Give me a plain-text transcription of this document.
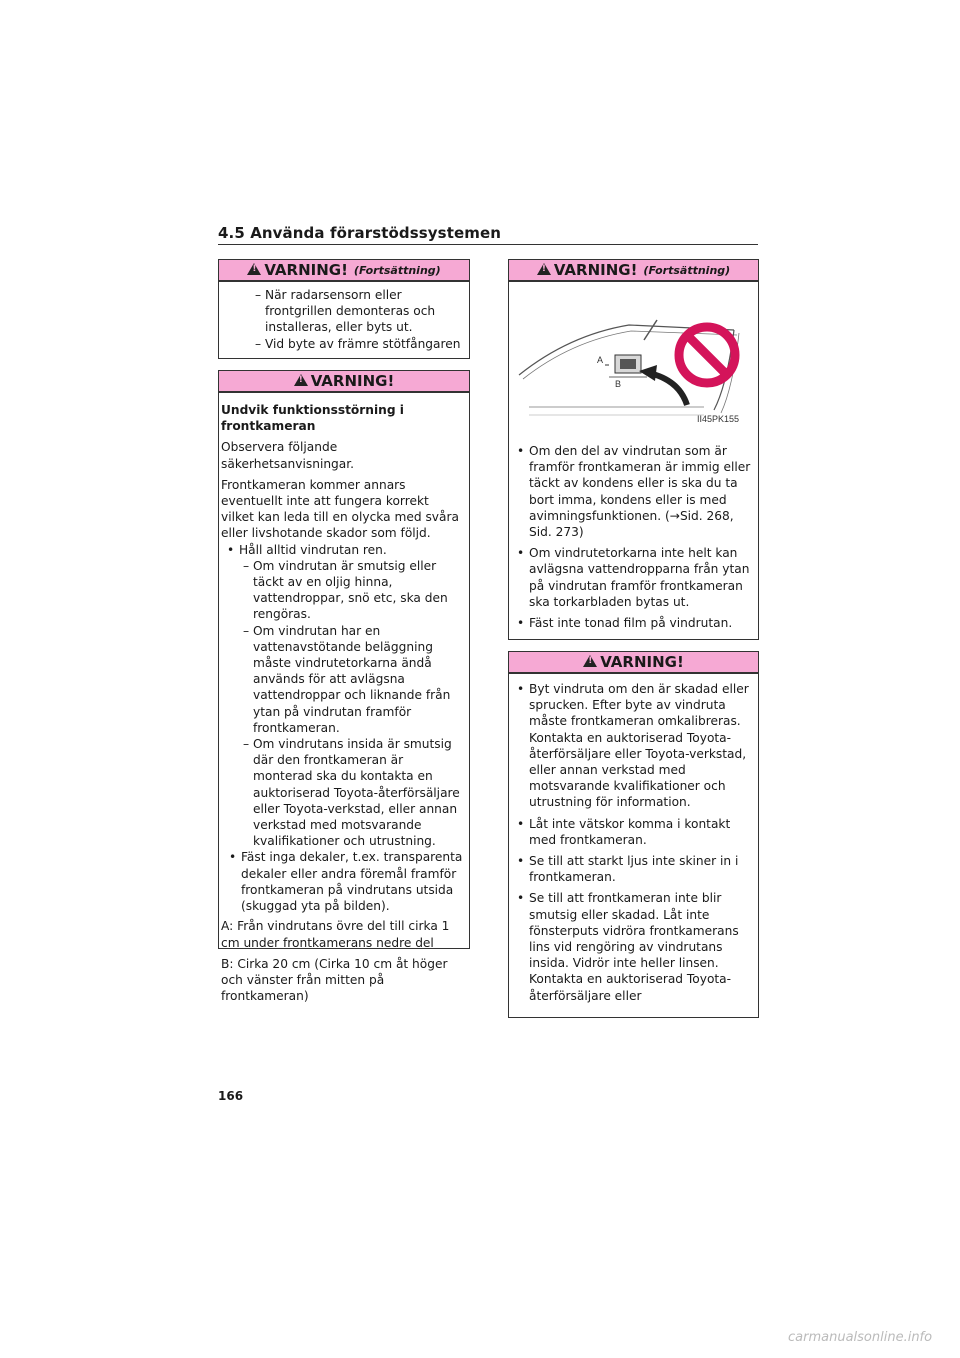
4.5 Använda förarstödssystemen
!
VARNING! (Fortsättning)

– När radarsensorn eller frontgrillen demonteras och installeras, eller byts ut.

– Vid byte av främre stötfångaren

!
VARNING!

Undvik funktionsstörning i frontkameran

Observera följande säkerhetsanvisningar.

Frontkameran kommer annars eventuellt inte att fungera korrekt vilket kan leda till en olycka med svåra eller livshotande skador som följd.

• Håll alltid vindrutan ren.

– Om vindrutan är smutsig eller täckt av en oljig hinna, vattendroppar, snö etc, ska den rengöras.

– Om vindrutan har en vattenavstötande beläggning måste vindrutetorkarna ändå används för att avlägsna vattendroppar och liknande från ytan på vindrutan framför frontkameran.

– Om vindrutans insida är smutsig där den frontkameran är monterad ska du kontakta en auktoriserad Toyota-återförsäljare eller Toyota-verkstad, eller annan verkstad med motsvarande kvalifikationer och utrustning.

• Fäst inga dekaler, t.ex. transparenta dekaler eller andra föremål framför frontkameran på vindrutans utsida (skuggad yta på bilden).

A: Från vindrutans övre del till cirka 1 cm under frontkamerans nedre del

B: Cirka 20 cm (Cirka 10 cm åt höger och vänster från mitten på frontkameran)

!
VARNING! (Fortsättning)
A
B
II45PK155

• Om den del av vindrutan som är framför frontkameran är immig eller täckt av kondens eller is ska du ta bort imma, kondens eller is med avimningsfunktionen. (→Sid. 268, Sid. 273)

• Om vindrutetorkarna inte helt kan avlägsna vattendropparna från ytan på vindrutan framför frontkameran ska torkarbladen bytas ut.

• Fäst inte tonad film på vindrutan.

!
VARNING!

• Byt vindruta om den är skadad eller sprucken. Efter byte av vindruta måste frontkameran omkalibreras. Kontakta en auktoriserad Toyota-återförsäljare eller Toyota-verkstad, eller annan verkstad med motsvarande kvalifikationer och utrustning för information.

• Låt inte vätskor komma i kontakt med frontkameran.

• Se till att starkt ljus inte skiner in i frontkameran.

• Se till att frontkameran inte blir smutsig eller skadad. Låt inte fönsterputs vidröra frontkamerans lins vid rengöring av vindrutans insida. Vidrör inte heller linsen. Kontakta en auktoriserad Toyota-återförsäljare eller

166
carmanualsonline.info
